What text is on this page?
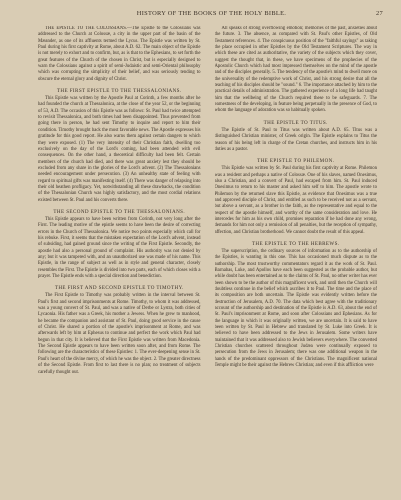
HISTORY OF THE BOOKS OF THE HOLY BIBLE.	27

THE EPISTLE TO THE COLOSSIANS.—The Epistle to the Colossians was addressed to the Church at Colossæ, a city in the upper part of the basin of the Mæander, as one of its affluents termed the Lycus. The Epistle was written by St. Paul during his first captivity at Rome, about A.D. 62. The main object of the Epistle is not merely to exhort and to confirm, but, as is that to the Ephesians, to set forth the great features of the Church of the chosen in Christ, but is especially designed to warn the Colossians against a spirit of semi-Judaistic and semi-Oriental philosophy which was corrupting the simplicity of their belief, and was seriously tending to obscure the eternal glory and dignity of Christ.

THE FIRST EPISTLE TO THE THESSALONIANS.

This Epistle was written by the Apostle Paul at Corinth, a few months after he had founded the church at Thessalonica, at the close of the year 52, or the beginning of 53, A.D. The occasion of this Epistle was as follows: St. Paul had twice attempted to revisit Thessalonica, and both times had been disappointed. Thus prevented from going there in person, he had sent Timothy to inquire and report to him their condition. Timothy brought back the most favorable news. The Apostle expresses his gratitude for this good report. He also warns them against certain dangers to which they were exposed. (1) The very intensity of their Christian faith, dwelling too exclusively on the day of the Lord's coming, had been attended with evil consequences. On the other hand, a theoretical difficulty had been felt. Certain members of the church had died, and there was great anxiety lest they should be excluded from any share in the glories of the Lord's advent. (2) The Thessalonians needed encouragement under persecution. (3) An unhealthy state of feeling with regard to spiritual gifts was manifesting itself. (4) There was danger of relapsing into their old heathen profligacy. Yet, notwithstanding all these drawbacks, the condition of the Thessalonian Church was highly satisfactory, and the most cordial relations existed between St. Paul and his converts there.

THE SECOND EPISTLE TO THE THESSALONIANS.

This Epistle appears to have been written from Corinth, not very long after the First. The leading motive of the epistle seems to have been the desire of correcting errors in the Church of Thessalonica. We notice two points especially which call for his rebuke. First, it seems that the mistaken expectation of the Lord's advent, instead of subsiding, had gained ground since the writing of the First Epistle. Secondly, the apostle had also a personal ground of complaint. His authority was not denied by any; but it was tampered with, and an unauthorized use was made of his name. This Epistle, in the range of subject as well as in style and general character, closely resembles the First. The Epistle is divided into two parts, each of which closes with a prayer. The Epistle ends with a special direction and benediction.

THE FIRST AND SECOND EPISTLE TO TIMOTHY.

The First Epistle to Timothy was probably written in the interval between St. Paul's first and second imprisonments at Rome. Timothy, to whom it was addressed, was a young convert of St. Paul, and was a native of Derbe or Lystra, both cities of Lycaonia. His father was a Greek, his mother a Jewess. When he grew to manhood, he became the companion and assistant of St. Paul, doing good service in the cause of Christ. He shared a portion of the apostle's imprisonment at Rome, and was afterwards left by him at Ephesus to continue and perfect the work which Paul had begun in that city. It is believed that the First Epistle was written from Macedonia. The Second Epistle appears to have been written soon after, and from Rome. The following are the characteristics of these Epistles: 1. The ever-deepening sense in St. Paul's heart of the divine mercy, of which he was the object. 2. The greater directness of the Second Epistle. From first to last there is no plan; no treatment of subjects carefully thought out.

All speaks of strong overflowing emotion; memories of the past, anxieties about the future. 3. The absence, as compared with St. Paul's other Epistles, of Old Testament references. 4. The conspicuous position of the "faithful sayings" as taking the place occupied in other Epistles by the Old Testament Scriptures. The way in which these are cited as authoritative, the variety of the subjects which they cover, suggest the thought that, in these, we have specimens of the prophecies of the Apostolic Church which had most impressed themselves on the mind of the apostle and of the disciples generally. 5. The tendency of the apostle's mind to dwell more on the universality of the redemptive work of Christ, and his strong desire that all the teaching of his disciples should be "sound." 6. The importance attached by him to the practical details of administration. The gathered experience of a long life had taught him that the wellbeing of the Church required these to be safeguards. 7. The earnestness of the developing, in feature being perpetually in the presence of God, to whom the language of adoration was so habitually spoken.

THE EPISTLE TO TITUS.

The Epistle of St. Paul to Titus was written about A.D. 65. Titus was a distinguished Christian minister, of Greek origin. The Epistle explains to Titus the reason of his being left in charge of the Cretan churches, and instructs him in his duties as a pastor.

THE EPISTLE TO PHILEMON.

This Epistle was written by St. Paul during his first captivity at Rome. Philemon was a resident and perhaps a native of Colossæ. One of his slaves, named Onesimus, also a Christian, and a convert of Paul, had escaped from him. St. Paul induced Onesimus to return to his master and asked him self to him. The apostle wrote to Philemon by the returned slave this Epistle, as evidence that Onesimus was a true and approved disciple of Christ, and entitled as such to be received not as a servant, but above a servant, as a brother in the faith, as the representative and equal to the respect of the apostle himself, and worthy of the same consideration and love. He intercedes for him as his own child, promises reparation if he had done any wrong, demands for him not only a remission of all penalties, but the reception of sympathy, affection, and Christian brotherhood. We cannot doubt the result of this appeal.

THE EPISTLE TO THE HEBREWS.

The superscription, the ordinary sources of information as to the authorship of the Epistles, is wanting in this one. This has occasioned much dispute as to the authorship. The most trustworthy commentators regard it as the work of St. Paul. Barnabas, Luke, and Apollos have each been suggested as the probable author, but while doubt has been entertained as to the claims of St. Paul, no other writer has ever been shown to be the author of this magnificent work, and until then the Church will doubtless continue in the belief which ascribes it to Paul. The time and the place of its composition are both uncertain. The Epistle was evidently written before the destruction of Jerusalem, A.D. 70. The data which best agree with the traditionary account of the authorship and destination of the Epistle is A.D. 63, about the end of St. Paul's imprisonment at Rome, and soon after Colossians and Ephesians. As for the language in which it was originally written, we are uncertain. It is said to have been written by St. Paul in Hebrew and translated by St. Luke into Greek. It is believed to have been addressed to the Jews in Jerusalem. Some writers have maintained that it was addressed also to Jewish believers everywhere. The converted Christian churches scattered throughout Judæa were continually exposed to persecution from the Jews in Jerusalem; there was one additional weapon in the hands of the predominant oppressors of the Christians. The magnificent national Temple might be their against the Hebrew Christian; and even if this affliction were
